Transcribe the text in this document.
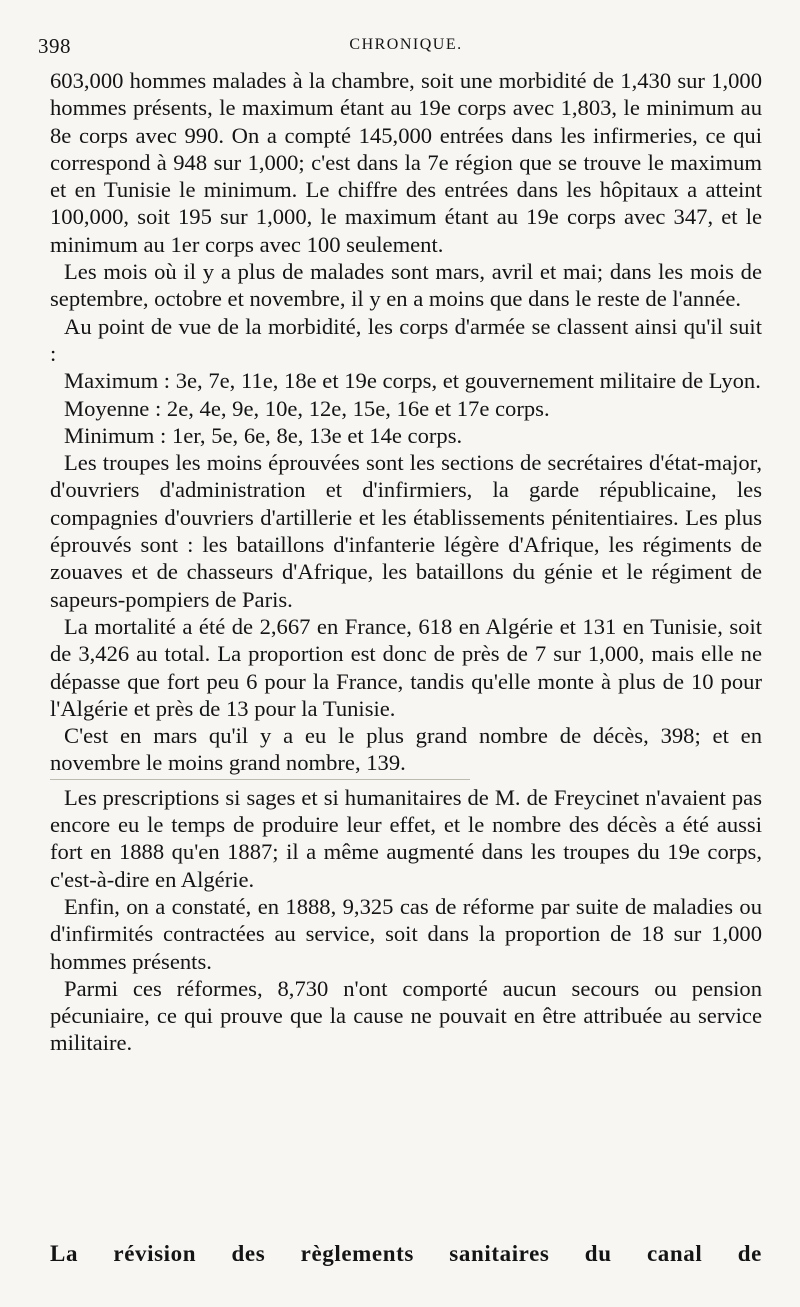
398	CHRONIQUE.

603,000 hommes malades à la chambre, soit une morbidité de 1,430 sur 1,000 hommes présents, le maximum étant au 19e corps avec 1,803, le minimum au 8e corps avec 990. On a compté 145,000 entrées dans les infirmeries, ce qui correspond à 948 sur 1,000; c'est dans la 7e région que se trouve le maximum et en Tunisie le minimum. Le chiffre des entrées dans les hôpitaux a atteint 100,000, soit 195 sur 1,000, le maximum étant au 19e corps avec 347, et le minimum au 1er corps avec 100 seulement.

Les mois où il y a plus de malades sont mars, avril et mai; dans les mois de septembre, octobre et novembre, il y en a moins que dans le reste de l'année.

Au point de vue de la morbidité, les corps d'armée se classent ainsi qu'il suit :

Maximum : 3e, 7e, 11e, 18e et 19e corps, et gouvernement militaire de Lyon.

Moyenne : 2e, 4e, 9e, 10e, 12e, 15e, 16e et 17e corps.

Minimum : 1er, 5e, 6e, 8e, 13e et 14e corps.

Les troupes les moins éprouvées sont les sections de secrétaires d'état-major, d'ouvriers d'administration et d'infirmiers, la garde républicaine, les compagnies d'ouvriers d'artillerie et les établissements pénitentiaires. Les plus éprouvés sont : les bataillons d'infanterie légère d'Afrique, les régiments de zouaves et de chasseurs d'Afrique, les bataillons du génie et le régiment de sapeurs-pompiers de Paris.

La mortalité a été de 2,667 en France, 618 en Algérie et 131 en Tunisie, soit de 3,426 au total. La proportion est donc de près de 7 sur 1,000, mais elle ne dépasse que fort peu 6 pour la France, tandis qu'elle monte à plus de 10 pour l'Algérie et près de 13 pour la Tunisie.

C'est en mars qu'il y a eu le plus grand nombre de décès, 398; et en novembre le moins grand nombre, 139.

Les prescriptions si sages et si humanitaires de M. de Freycinet n'avaient pas encore eu le temps de produire leur effet, et le nombre des décès a été aussi fort en 1888 qu'en 1887; il a même augmenté dans les troupes du 19e corps, c'est-à-dire en Algérie.

Enfin, on a constaté, en 1888, 9,325 cas de réforme par suite de maladies ou d'infirmités contractées au service, soit dans la proportion de 18 sur 1,000 hommes présents.

Parmi ces réformes, 8,730 n'ont comporté aucun secours ou pension pécuniaire, ce qui prouve que la cause ne pouvait en être attribuée au service militaire.

La révision des règlements sanitaires du canal de
